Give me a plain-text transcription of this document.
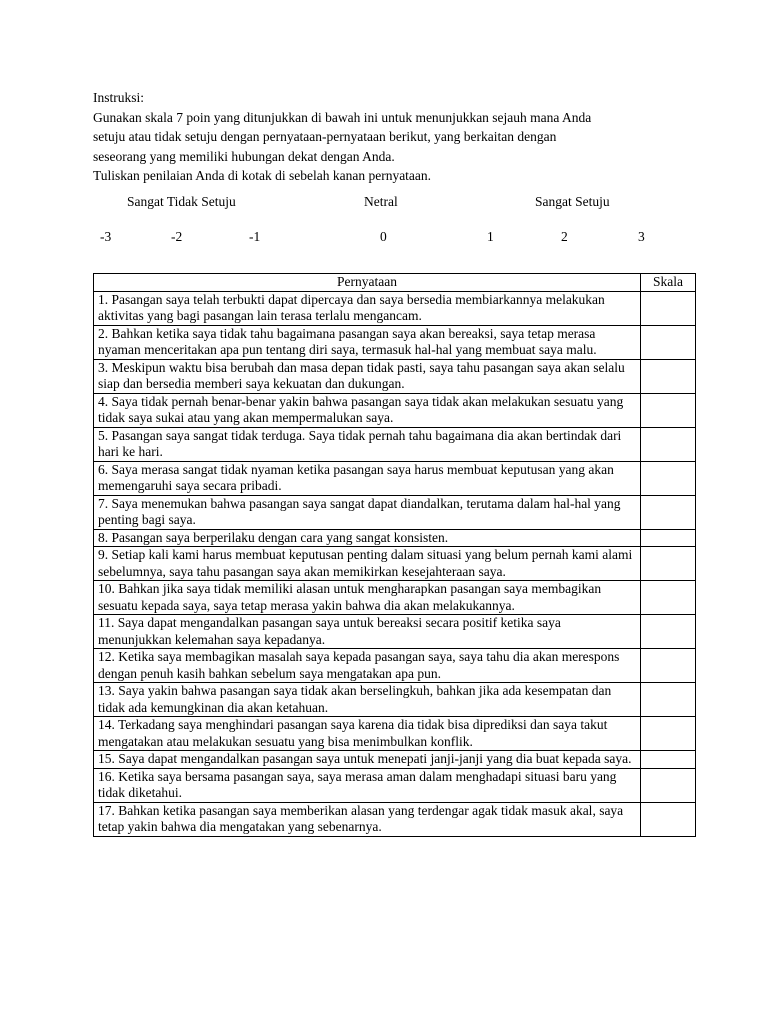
Instruksi:

Gunakan skala 7 poin yang ditunjukkan di bawah ini untuk menunjukkan sejauh mana Anda

setuju atau tidak setuju dengan pernyataan-pernyataan berikut, yang berkaitan dengan

seseorang yang memiliki hubungan dekat dengan Anda.

Tuliskan penilaian Anda di kotak di sebelah kanan pernyataan.

Sangat Tidak Setuju	Netral	Sangat Setuju
-3	-2	-1	0	1	2	3
Pernyataan	Skala
1. Pasangan saya telah terbukti dapat dipercaya dan saya bersedia membiarkannya melakukan aktivitas yang bagi pasangan lain terasa terlalu mengancam.	
2. Bahkan ketika saya tidak tahu bagaimana pasangan saya akan bereaksi, saya tetap merasa nyaman menceritakan apa pun tentang diri saya, termasuk hal-hal yang membuat saya malu.	
3. Meskipun waktu bisa berubah dan masa depan tidak pasti, saya tahu pasangan saya akan selalu siap dan bersedia memberi saya kekuatan dan dukungan.	
4. Saya tidak pernah benar-benar yakin bahwa pasangan saya tidak akan melakukan sesuatu yang tidak saya sukai atau yang akan mempermalukan saya.	
5. Pasangan saya sangat tidak terduga. Saya tidak pernah tahu bagaimana dia akan bertindak dari hari ke hari.	
6. Saya merasa sangat tidak nyaman ketika pasangan saya harus membuat keputusan yang akan memengaruhi saya secara pribadi.	
7. Saya menemukan bahwa pasangan saya sangat dapat diandalkan, terutama dalam hal-hal yang penting bagi saya.	
8. Pasangan saya berperilaku dengan cara yang sangat konsisten.	
9. Setiap kali kami harus membuat keputusan penting dalam situasi yang belum pernah kami alami sebelumnya, saya tahu pasangan saya akan memikirkan kesejahteraan saya.	
10. Bahkan jika saya tidak memiliki alasan untuk mengharapkan pasangan saya membagikan sesuatu kepada saya, saya tetap merasa yakin bahwa dia akan melakukannya.	
11. Saya dapat mengandalkan pasangan saya untuk bereaksi secara positif ketika saya menunjukkan kelemahan saya kepadanya.	
12. Ketika saya membagikan masalah saya kepada pasangan saya, saya tahu dia akan merespons dengan penuh kasih bahkan sebelum saya mengatakan apa pun.	
13. Saya yakin bahwa pasangan saya tidak akan berselingkuh, bahkan jika ada kesempatan dan tidak ada kemungkinan dia akan ketahuan.	
14. Terkadang saya menghindari pasangan saya karena dia tidak bisa diprediksi dan saya takut mengatakan atau melakukan sesuatu yang bisa menimbulkan konflik.	
15. Saya dapat mengandalkan pasangan saya untuk menepati janji-janji yang dia buat kepada saya.	
16. Ketika saya bersama pasangan saya, saya merasa aman dalam menghadapi situasi baru yang tidak diketahui.	
17. Bahkan ketika pasangan saya memberikan alasan yang terdengar agak tidak masuk akal, saya tetap yakin bahwa dia mengatakan yang sebenarnya.	
